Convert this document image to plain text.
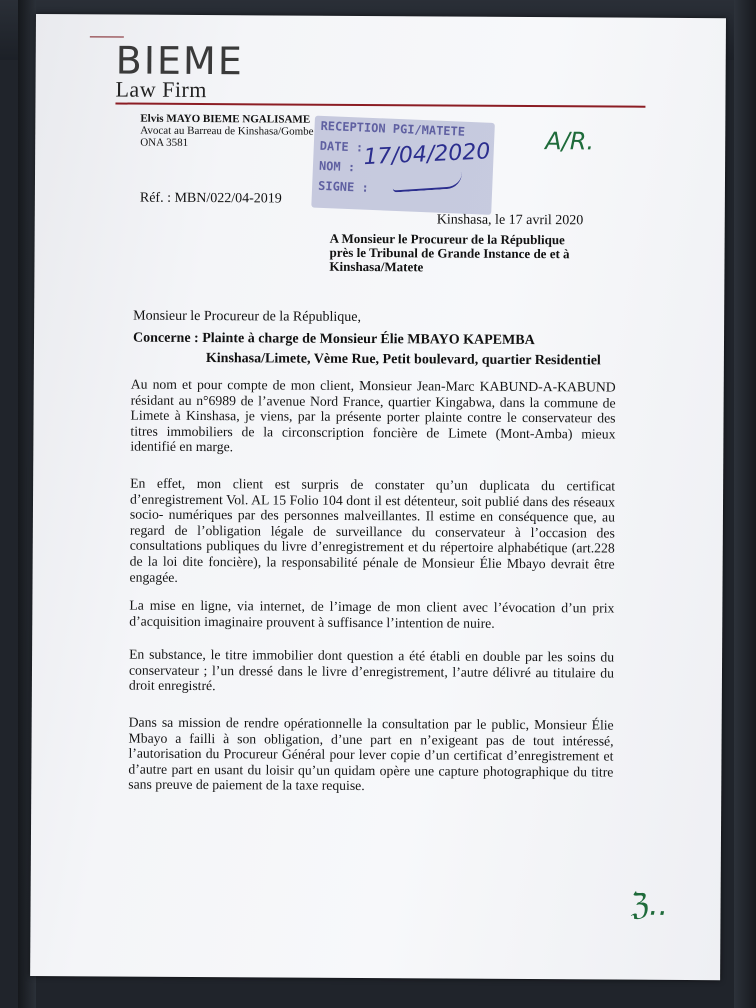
BIEME
Law Firm
Elvis MAYO BIEME NGALISAME
Avocat au Barreau de Kinshasa/Gombe
ONA 3581
RECEPTION PGI/MATETE
DATE :
NOM :
SIGNE :
17/04/2020 A/R.
Réf. : MBN/022/04-2019
Kinshasa, le 17 avril 2020
A Monsieur le Procureur de la République
près le Tribunal de Grande Instance de et à
Kinshasa/Matete
Monsieur le Procureur de la République,
Concerne : Plainte à charge de Monsieur Élie MBAYO KAPEMBA
Kinshasa/Limete, Vème Rue, Petit boulevard, quartier Residentiel
Au nom et pour compte de mon client, Monsieur Jean-Marc KABUND-A-KABUND résidant au n°6989 de l’avenue Nord France, quartier Kingabwa, dans la commune de Limete à Kinshasa, je viens, par la présente porter plainte contre le conservateur des titres immobiliers de la circonscription foncière de Limete (Mont-Amba) mieux identifié en marge.
En effet, mon client est surpris de constater qu’un duplicata du certificat d’enregistrement Vol. AL 15 Folio 104 dont il est détenteur, soit publié dans des réseaux socio- numériques par des personnes malveillantes. Il estime en conséquence que, au regard de l’obligation légale de surveillance du conservateur à l’occasion des consultations publiques du livre d’enregistrement et du répertoire alphabétique (art.228 de la loi dite foncière), la responsabilité pénale de Monsieur Élie Mbayo devrait être engagée.
La mise en ligne, via internet, de l’image de mon client avec l’évocation d’un prix d’acquisition imaginaire prouvent à suffisance l’intention de nuire.
En substance, le titre immobilier dont question a été établi en double par les soins du conservateur ; l’un dressé dans le livre d’enregistrement, l’autre délivré au titulaire du droit enregistré.
Dans sa mission de rendre opérationnelle la consultation par le public, Monsieur Élie Mbayo a failli à son obligation, d’une part en n’exigeant pas de tout intéressé, l’autorisation du Procureur Général pour lever copie d’un certificat d’enregistrement et d’autre part en usant du loisir qu’un quidam opère une capture photographique du titre sans preuve de paiement de la taxe requise.
ℨ..
